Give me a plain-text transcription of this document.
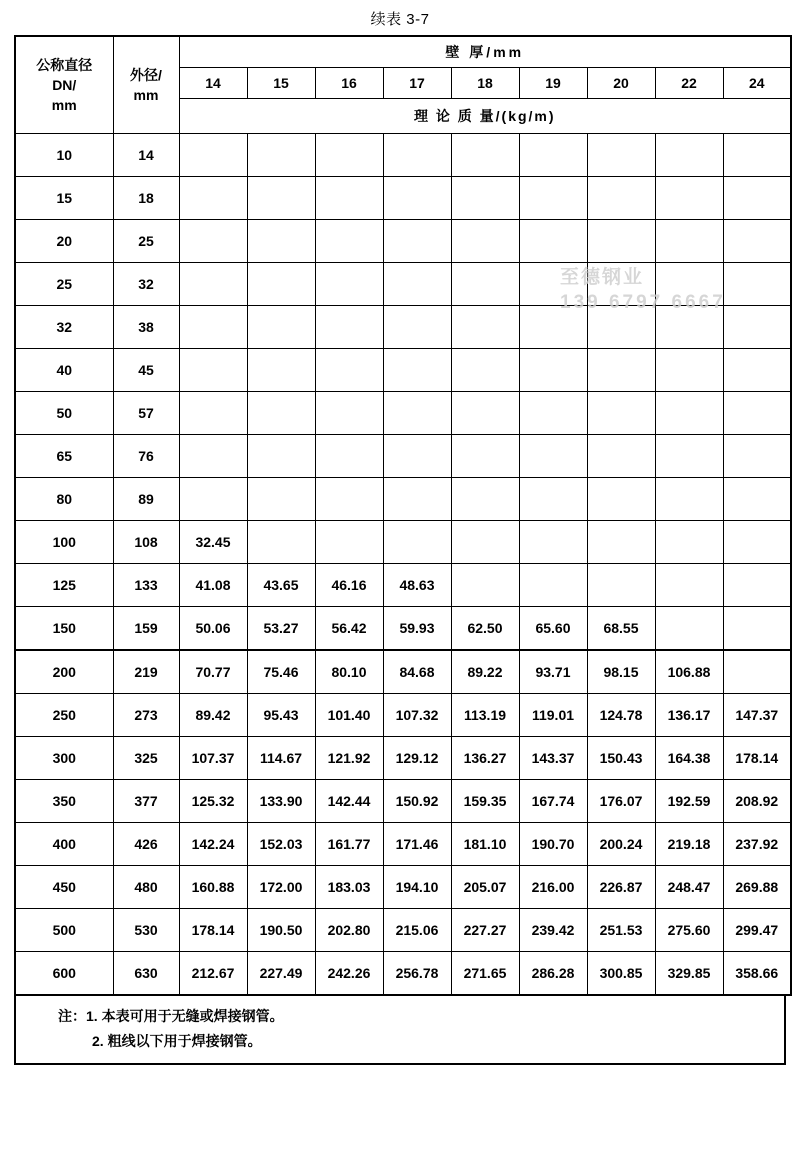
续表 3-7
公称直径
DN/
mm

外径/
mm
	壁 厚/mm
		14	15	16	17	18	19	20	22	24
		理 论 质 量/(kg/m)								
10	14									
15	18									
20	25									
25	32									
32	38									
40	45									
50	57									
65	76									
80	89									
100	108	32.45								
125	133	41.08	43.65	46.16	48.63					
150	159	50.06	53.27	56.42	59.93	62.50	65.60	68.55		
200	219	70.77	75.46	80.10	84.68	89.22	93.71	98.15	106.88	
250	273	89.42	95.43	101.40	107.32	113.19	119.01	124.78	136.17	147.37
300	325	107.37	114.67	121.92	129.12	136.27	143.37	150.43	164.38	178.14
350	377	125.32	133.90	142.44	150.92	159.35	167.74	176.07	192.59	208.92
400	426	142.24	152.03	161.77	171.46	181.10	190.70	200.24	219.18	237.92
450	480	160.88	172.00	183.03	194.10	205.07	216.00	226.87	248.47	269.88
500	530	178.14	190.50	202.80	215.06	227.27	239.42	251.53	275.60	299.47
600	630	212.67	227.49	242.26	256.78	271.65	286.28	300.85	329.85	358.66
注：1. 本表可用于无缝或焊接钢管。
2. 粗线以下用于焊接钢管。
至德钢业
139 6797 6667
